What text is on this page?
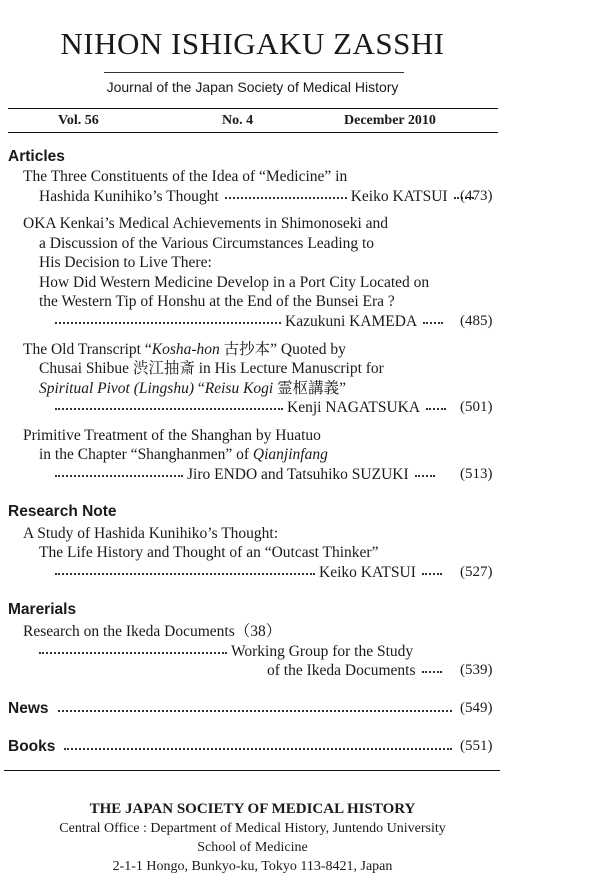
NIHON ISHIGAKU ZASSHI
Journal of the Japan Society of Medical History
Vol. 56	No. 4	December 2010
Articles
The Three Constituents of the Idea of “Medicine” in
Hashida Kunihiko’s Thought	Keiko KATSUI (473)
OKA Kenkai’s Medical Achievements in Shimonoseki and
a Discussion of the Various Circumstances Leading to
His Decision to Live There:
How Did Western Medicine Develop in a Port City Located on
the Western Tip of Honshu at the End of the Bunsei Era ?
Kazukuni KAMEDA	(485)
The Old Transcript “Kosha-hon 古抄本” Quoted by
Chusai Shibue 渋江抽斎 in His Lecture Manuscript for
Spiritual Pivot (Lingshu) “Reisu Kogi 霊枢講義”
Kenji NAGATSUKA	(501)
Primitive Treatment of the Shanghan by Huatuo
in the Chapter “Shanghanmen” of Qianjinfang
Jiro ENDO and Tatsuhiko SUZUKI	(513)
Research Note
A Study of Hashida Kunihiko’s Thought:
The Life History and Thought of an “Outcast Thinker”
Keiko KATSUI	(527)
Marerials
Research on the Ikeda Documents（38）
Working Group for the Study
of the Ikeda Documents	(539)
News	(549)
Books	(551)
THE JAPAN SOCIETY OF MEDICAL HISTORY
Central Office : Department of Medical History, Juntendo University
School of Medicine
2-1-1 Hongo, Bunkyo-ku, Tokyo 113-8421, Japan
